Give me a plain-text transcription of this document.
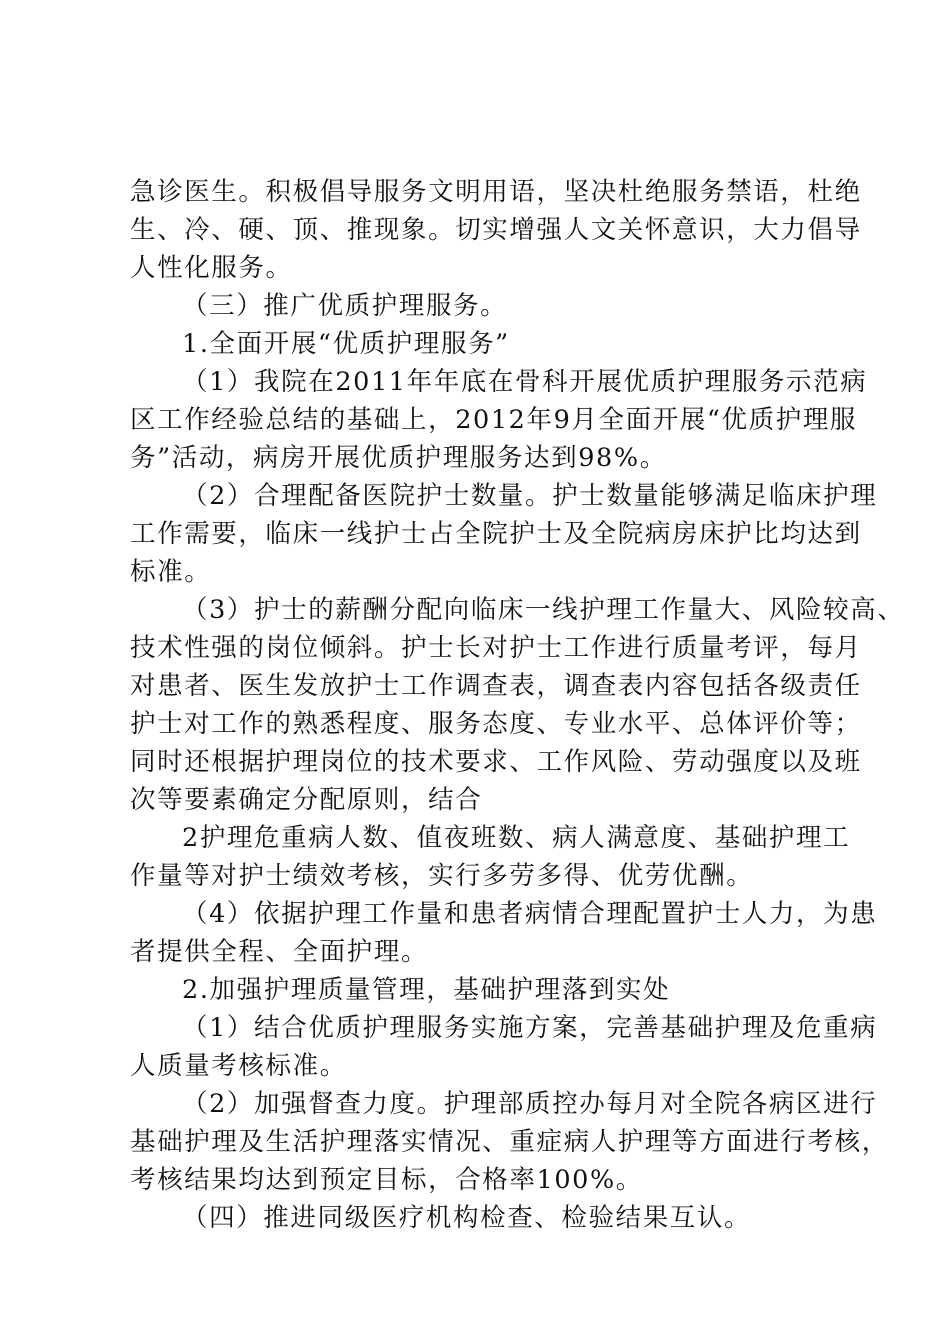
急诊医生。积极倡导服务文明用语，坚决杜绝服务禁语，杜绝
生、冷、硬、顶、推现象。切实增强人文关怀意识，大力倡导
人性化服务。
（三）推广优质护理服务。
1.全面开展“优质护理服务”
（1）我院在2011年年底在骨科开展优质护理服务示范病
区工作经验总结的基础上，2012年9月全面开展“优质护理服
务”活动，病房开展优质护理服务达到98%。
（2）合理配备医院护士数量。护士数量能够满足临床护理
工作需要，临床一线护士占全院护士及全院病房床护比均达到
标准。
（3）护士的薪酬分配向临床一线护理工作量大、风险较高、
技术性强的岗位倾斜。护士长对护士工作进行质量考评，每月
对患者、医生发放护士工作调查表，调查表内容包括各级责任
护士对工作的熟悉程度、服务态度、专业水平、总体评价等；
同时还根据护理岗位的技术要求、工作风险、劳动强度以及班
次等要素确定分配原则，结合
2护理危重病人数、值夜班数、病人满意度、基础护理工
作量等对护士绩效考核，实行多劳多得、优劳优酬。
（4）依据护理工作量和患者病情合理配置护士人力，为患
者提供全程、全面护理。
2.加强护理质量管理，基础护理落到实处
（1）结合优质护理服务实施方案，完善基础护理及危重病
人质量考核标准。
（2）加强督查力度。护理部质控办每月对全院各病区进行
基础护理及生活护理落实情况、重症病人护理等方面进行考核，
考核结果均达到预定目标，合格率100%。
（四）推进同级医疗机构检查、检验结果互认。
